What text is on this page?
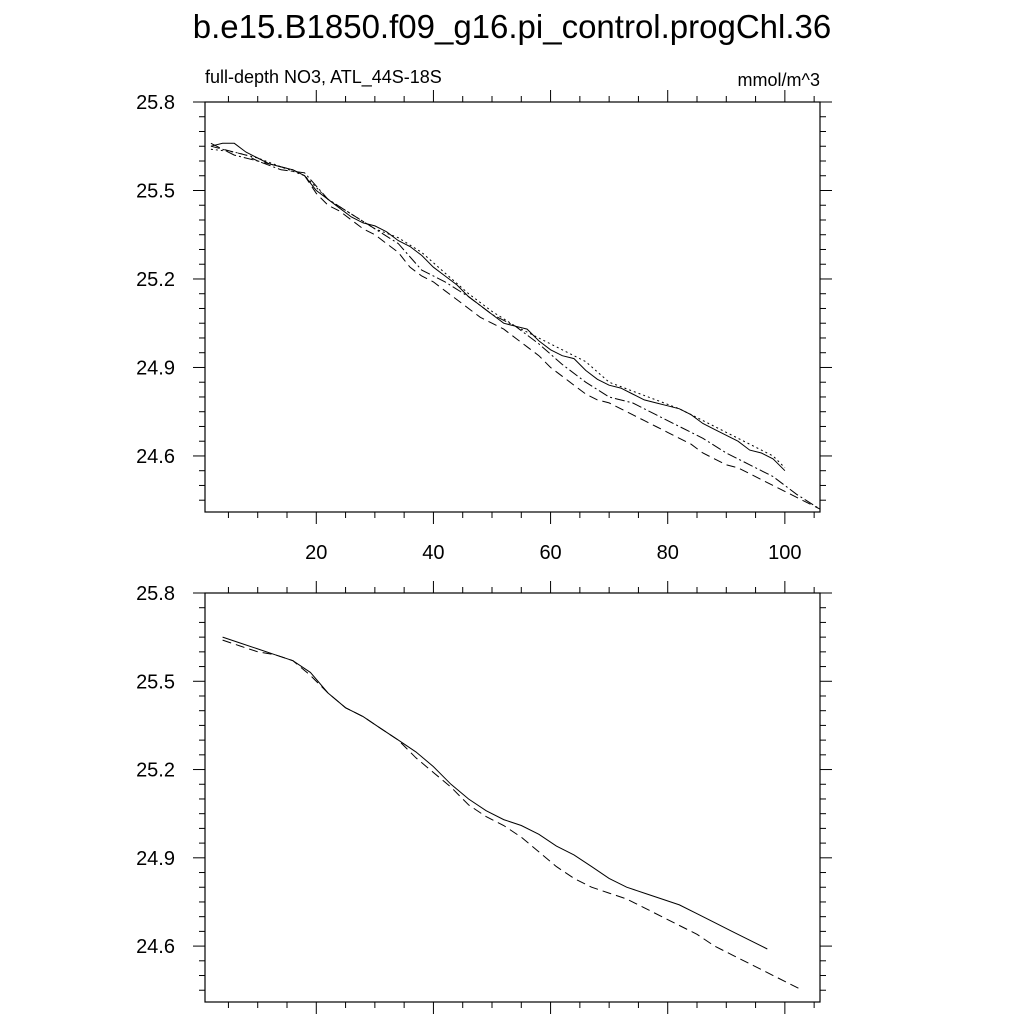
b.e15.B1850.f09_g16.pi_control.progChl.36
full-depth NO3, ATL_44S-18S	mmol/m^3
25.8
25.5
25.2
24.9
24.6
20	40	60	80	100
25.8
25.5
25.2
24.9
24.6
